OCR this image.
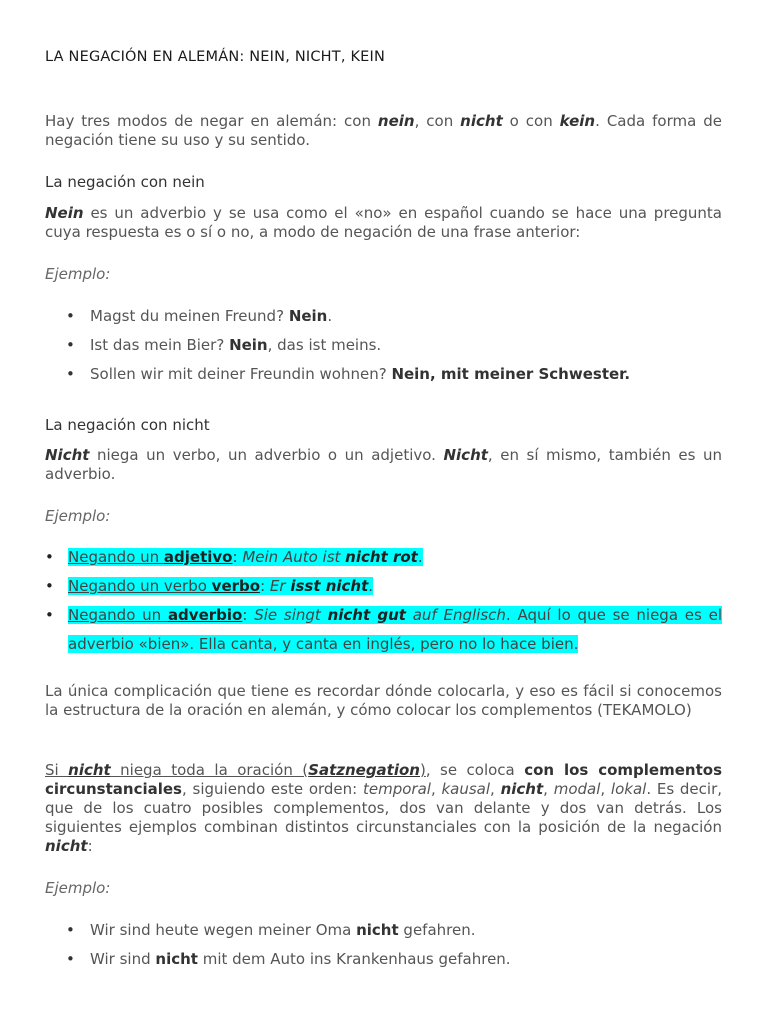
LA NEGACIÓN EN ALEMÁN: NEIN, NICHT, KEIN

Hay tres modos de negar en alemán: con nein, con nicht o con kein. Cada forma de negación tiene su uso y su sentido.

La negación con nein

Nein es un adverbio y se usa como el «no» en español cuando se hace una pregunta cuya respuesta es o sí o no, a modo de negación de una frase anterior:

Ejemplo:

• Magst du meinen Freund? Nein.
• Ist das mein Bier? Nein, das ist meins.
• Sollen wir mit deiner Freundin wohnen? Nein, mit meiner Schwester.
La negación con nicht

Nicht niega un verbo, un adverbio o un adjetivo. Nicht, en sí mismo, también es un adverbio.

Ejemplo:

• Negando un adjetivo: Mein Auto ist nicht rot.
• Negando un verbo verbo: Er isst nicht.
• Negando un adverbio: Sie singt nicht gut auf Englisch. Aquí lo que se niega es el adverbio «bien». Ella canta, y canta en inglés, pero no lo hace bien.

La única complicación que tiene es recordar dónde colocarla, y eso es fácil si conocemos la estructura de la oración en alemán, y cómo colocar los complementos (TEKAMOLO)

Si nicht niega toda la oración (Satznegation), se coloca con los complementos circunstanciales, siguiendo este orden: temporal, kausal, nicht, modal, lokal. Es decir, que de los cuatro posibles complementos, dos van delante y dos van detrás. Los siguientes ejemplos combinan distintos circunstanciales con la posición de la negación nicht:

Ejemplo:

• Wir sind heute wegen meiner Oma nicht gefahren.
• Wir sind nicht mit dem Auto ins Krankenhaus gefahren.
